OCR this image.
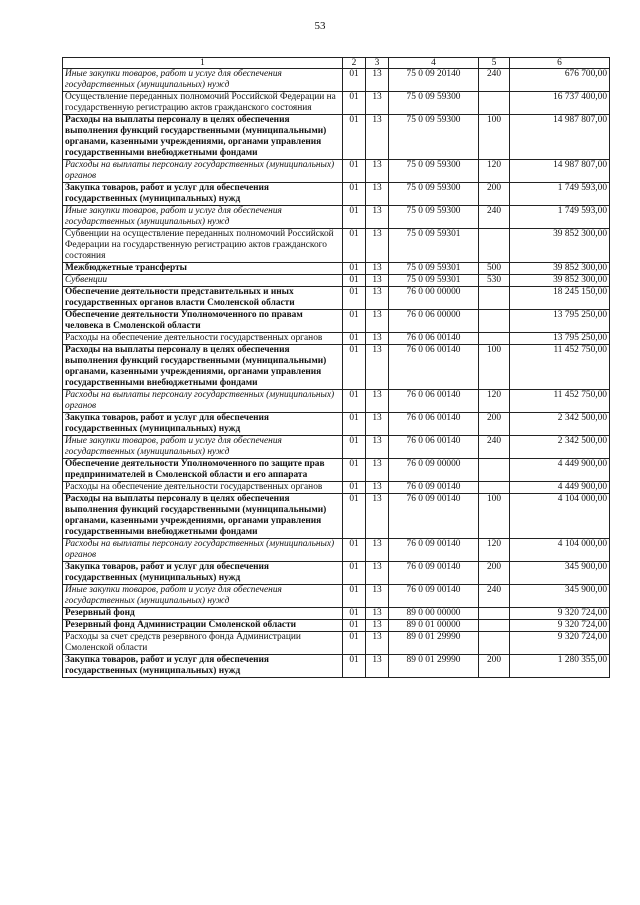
53
1	2	3	4	5	6
Иные закупки товаров, работ и услуг для обеспечения государственных (муниципальных) нужд	01	13	75 0 09 20140	240	676 700,00
Осуществление переданных полномочий Российской Федерации на государственную регистрацию актов гражданского состояния	01	13	75 0 09 59300		16 737 400,00
Расходы на выплаты персоналу в целях обеспечения выполнения функций государственными (муниципальными) органами, казенными учреждениями, органами управления государственными внебюджетными фондами	01	13	75 0 09 59300	100	14 987 807,00
Расходы на выплаты персоналу государственных (муниципальных) органов	01	13	75 0 09 59300	120	14 987 807,00
Закупка товаров, работ и услуг для обеспечения государственных (муниципальных) нужд	01	13	75 0 09 59300	200	1 749 593,00
Иные закупки товаров, работ и услуг для обеспечения государственных (муниципальных) нужд	01	13	75 0 09 59300	240	1 749 593,00
Субвенции на осуществление переданных полномочий Российской Федерации на государственную регистрацию актов гражданского состояния	01	13	75 0 09 59301		39 852 300,00
Межбюджетные трансферты	01	13	75 0 09 59301	500	39 852 300,00
Субвенции	01	13	75 0 09 59301	530	39 852 300,00
Обеспечение деятельности представительных и иных государственных органов власти Смоленской области	01	13	76 0 00 00000		18 245 150,00
Обеспечение деятельности Уполномоченного по правам человека в Смоленской области	01	13	76 0 06 00000		13 795 250,00
Расходы на обеспечение деятельности государственных органов	01	13	76 0 06 00140		13 795 250,00
Расходы на выплаты персоналу в целях обеспечения выполнения функций государственными (муниципальными) органами, казенными учреждениями, органами управления государственными внебюджетными фондами	01	13	76 0 06 00140	100	11 452 750,00
Расходы на выплаты персоналу государственных (муниципальных) органов	01	13	76 0 06 00140	120	11 452 750,00
Закупка товаров, работ и услуг для обеспечения государственных (муниципальных) нужд	01	13	76 0 06 00140	200	2 342 500,00
Иные закупки товаров, работ и услуг для обеспечения государственных (муниципальных) нужд	01	13	76 0 06 00140	240	2 342 500,00
Обеспечение деятельности Уполномоченного по защите прав предпринимателей в Смоленской области и его аппарата	01	13	76 0 09 00000		4 449 900,00
Расходы на обеспечение деятельности государственных органов	01	13	76 0 09 00140		4 449 900,00
Расходы на выплаты персоналу в целях обеспечения выполнения функций государственными (муниципальными) органами, казенными учреждениями, органами управления государственными внебюджетными фондами	01	13	76 0 09 00140	100	4 104 000,00
Расходы на выплаты персоналу государственных (муниципальных) органов	01	13	76 0 09 00140	120	4 104 000,00
Закупка товаров, работ и услуг для обеспечения государственных (муниципальных) нужд	01	13	76 0 09 00140	200	345 900,00
Иные закупки товаров, работ и услуг для обеспечения государственных (муниципальных) нужд	01	13	76 0 09 00140	240	345 900,00
Резервный фонд	01	13	89 0 00 00000		9 320 724,00
Резервный фонд Администрации Смоленской области	01	13	89 0 01 00000		9 320 724,00
Расходы за счет средств резервного фонда Администрации Смоленской области	01	13	89 0 01 29990		9 320 724,00
Закупка товаров, работ и услуг для обеспечения государственных (муниципальных) нужд	01	13	89 0 01 29990	200	1 280 355,00
